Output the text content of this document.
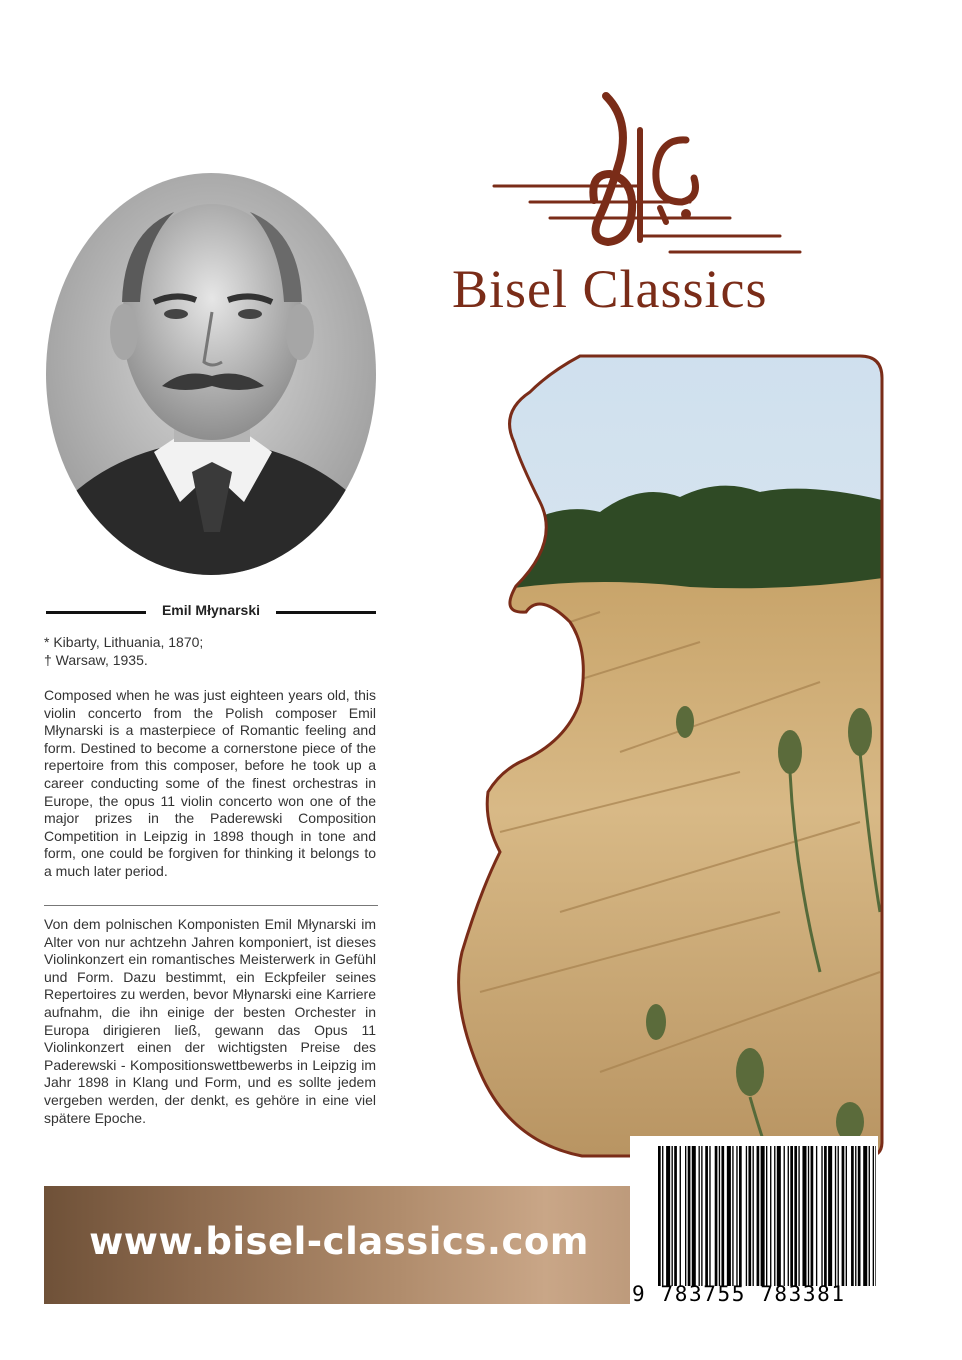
Emil Młynarski
* Kibarty, Lithuania, 1870;
† Warsaw, 1935.
Composed when he was just eighteen years old, this violin concerto from the Polish composer Emil Młynarski is a masterpiece of Romantic feeling and form. Destined to become a cornerstone piece of the repertoire from this composer, before he took up a career conducting some of the finest orchestras in Europe, the opus 11 violin concerto won one of the major prizes in the Paderewski Composition Competition in Leipzig in 1898 though in tone and form, one could be forgiven for thinking it belongs to a much later period.
Von dem polnischen Komponisten Emil Młynarski im Alter von nur achtzehn Jahren komponiert, ist dieses Violinkonzert ein romantisches Meisterwerk in Gefühl und Form. Dazu bestimmt, ein Eckpfeiler seines Repertoires zu werden, bevor Młynarski eine Karriere aufnahm, die ihn einige der besten Orchester in Europa dirigieren ließ, gewann das Opus 11 Violinkonzert einen der wichtigsten Preise des Paderewski - Kompositionswettbewerbs in Leipzig im Jahr 1898 in Klang und Form, und es sollte jedem vergeben werden, der denkt, es gehöre in eine viel spätere Epoche.
Bisel Classics
www.bisel-classics.com
9 783755 783381
